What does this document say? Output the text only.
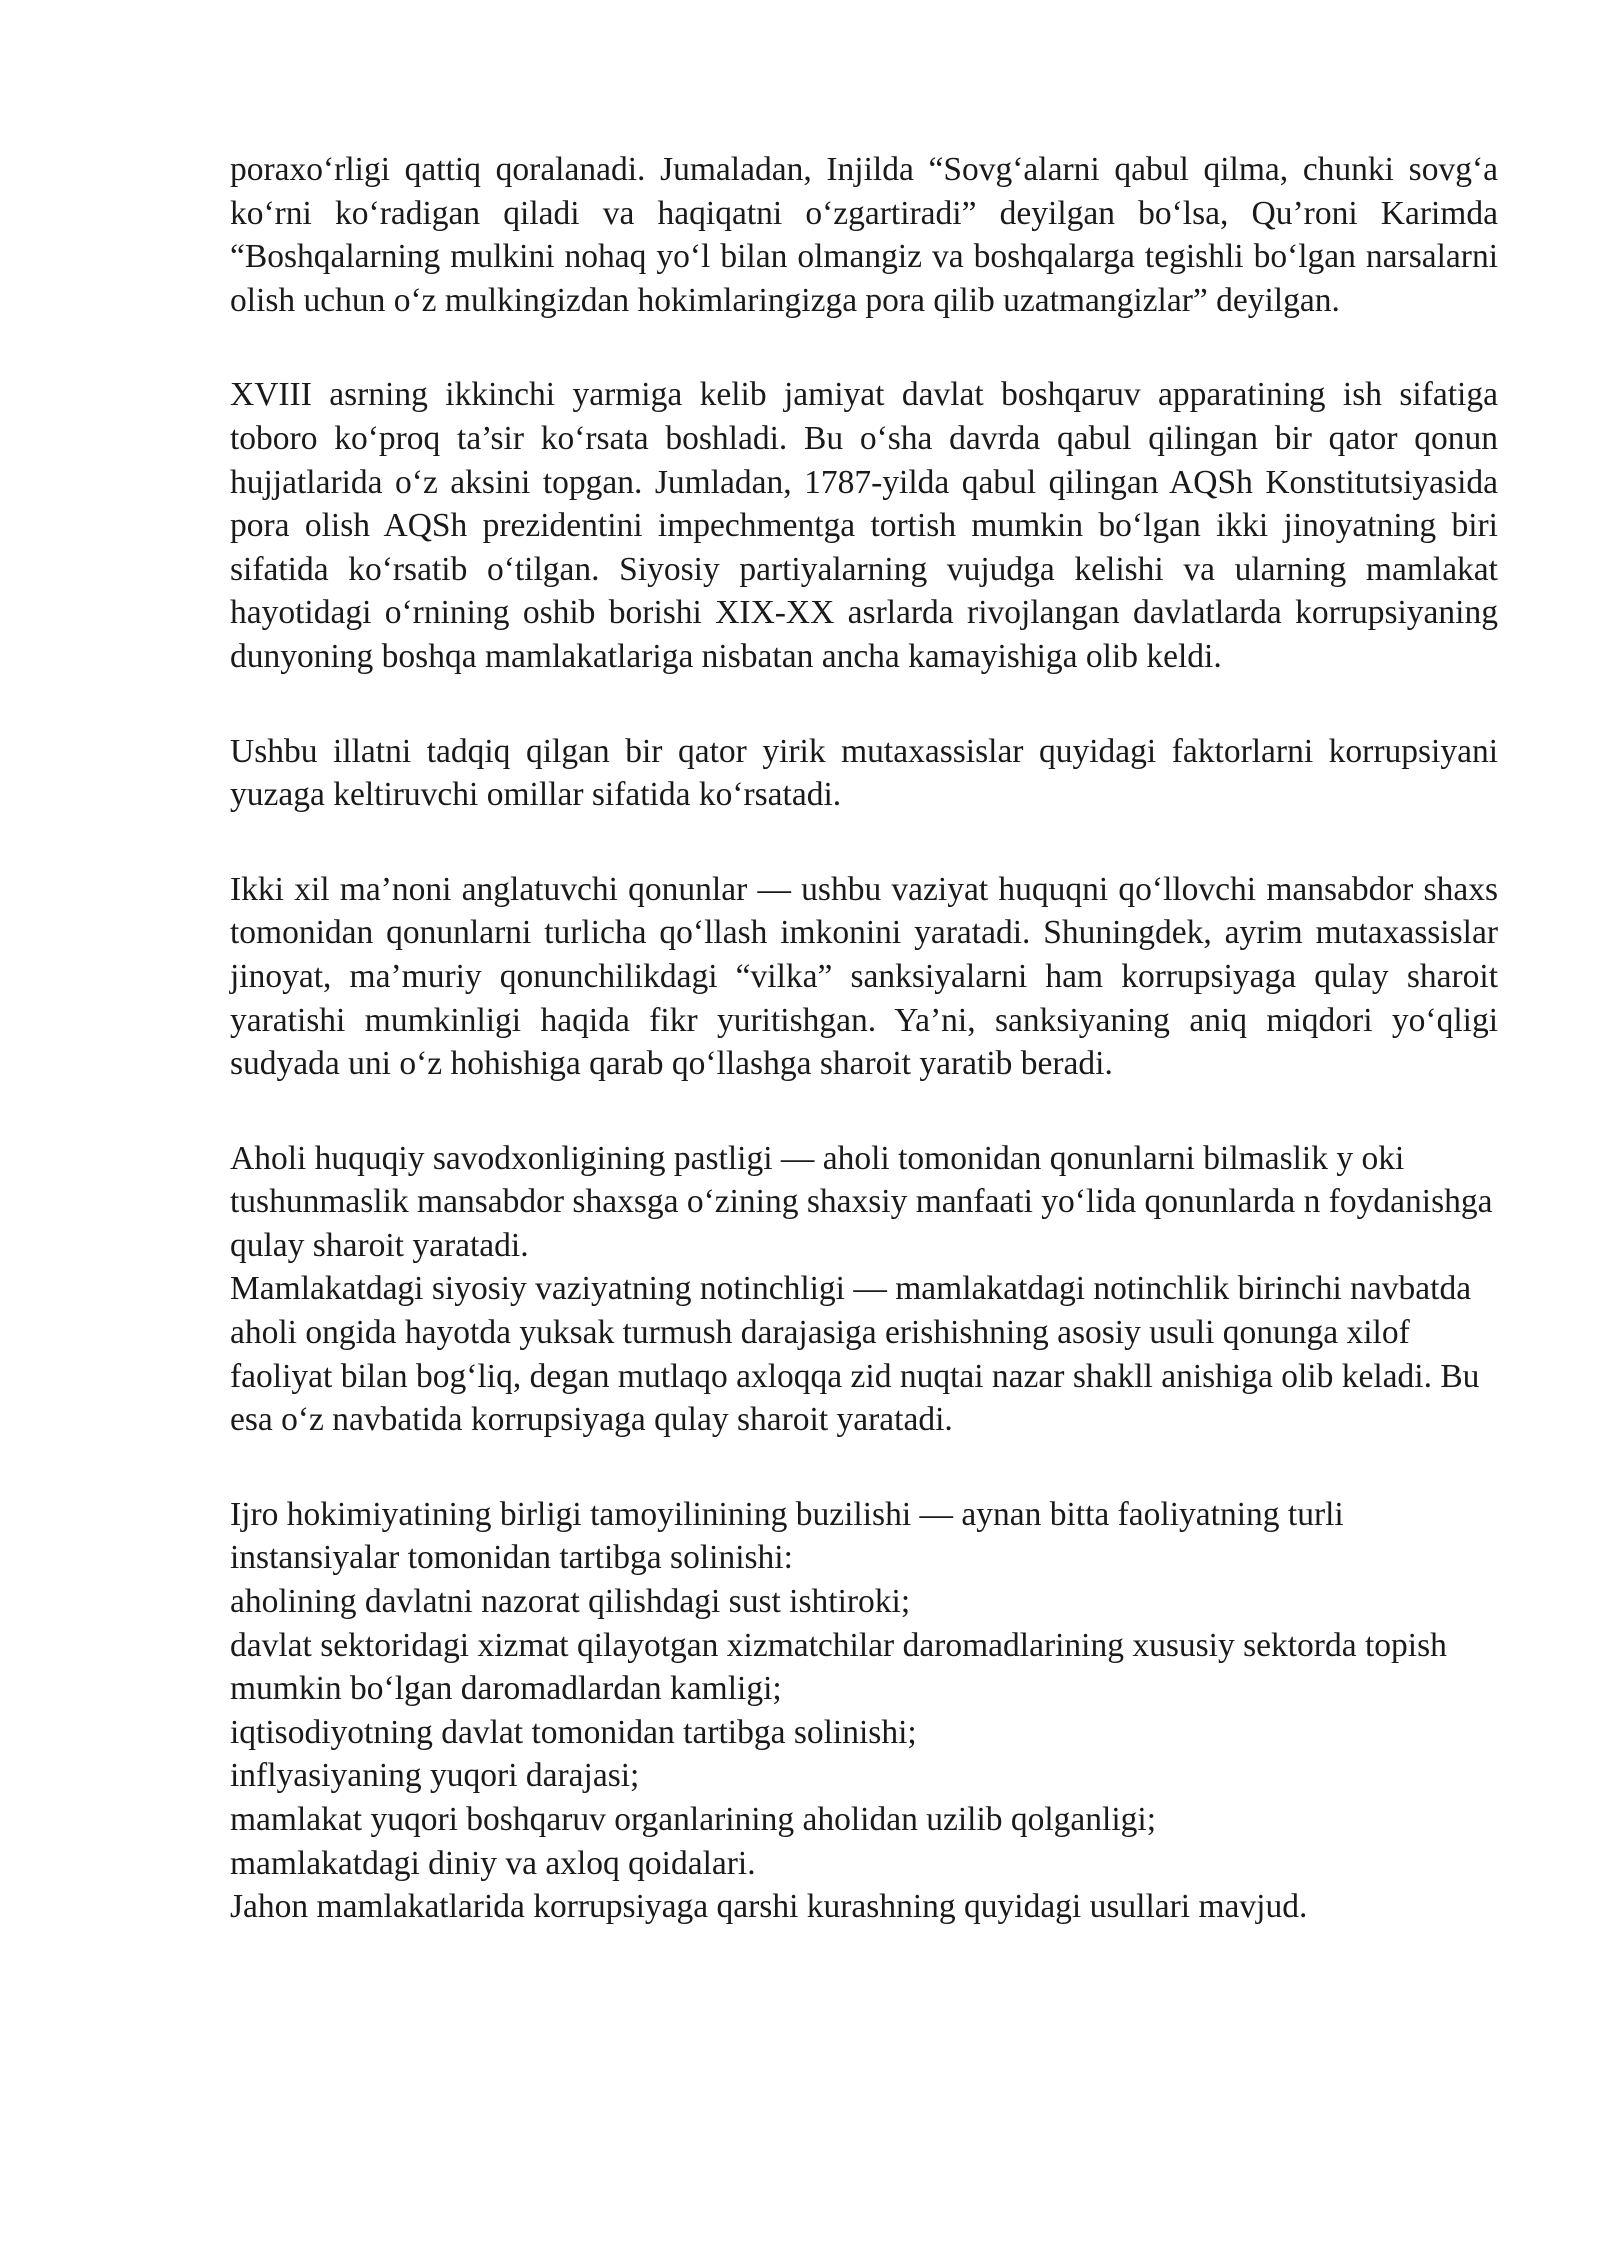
poraxo‘rligi qattiq qoralanadi. Jumaladan, Injilda “Sovg‘alarni qabul qilma, chunki sovg‘a ko‘rni ko‘radigan qiladi va haqiqatni o‘zgartiradi” deyilgan bo‘lsa, Qu’roni Karimda “Boshqalarning mulkini nohaq yo‘l bilan olmangiz va boshqalarga tegishli bo‘lgan narsalarni olish uchun o‘z mulkingizdan hokimlaringizga pora qilib uzatmangizlar” deyilgan.

XVIII asrning ikkinchi yarmiga kelib jamiyat davlat boshqaruv apparatining ish sifatiga toboro ko‘proq ta’sir ko‘rsata boshladi. Bu o‘sha davrda qabul qilingan bir qator qonun hujjatlarida o‘z aksini topgan. Jumladan, 1787-yilda qabul qilingan AQSh Konstitutsiyasida pora olish AQSh prezidentini impechmentga tortish mumkin bo‘lgan ikki jinoyatning biri sifatida ko‘rsatib o‘tilgan. Siyosiy partiyalarning vujudga kelishi va ularning mamlakat hayotidagi o‘rnining oshib borishi XIX-XX asrlarda rivojlangan davlatlarda korrupsiyaning dunyoning boshqa mamlakatlariga nisbatan ancha kamayishiga olib keldi.

Ushbu illatni tadqiq qilgan bir qator yirik mutaxassislar quyidagi faktorlarni korrupsiyani yuzaga keltiruvchi omillar sifatida ko‘rsatadi.

Ikki xil ma’noni anglatuvchi qonunlar — ushbu vaziyat huquqni qo‘llovchi mansabdor shaxs tomonidan qonunlarni turlicha qo‘llash imkonini yaratadi. Shuningdek, ayrim mutaxassislar jinoyat, ma’muriy qonunchilikdagi “vilka” sanksiyalarni ham korrupsiyaga qulay sharoit yaratishi mumkinligi haqida fikr yuritishgan. Ya’ni, sanksiyaning aniq miqdori yo‘qligi sudyada uni o‘z hohishiga qarab qo‘llashga sharoit yaratib beradi.

Aholi huquqiy savodxonligining pastligi — aholi tomonidan qonunlarni bilmaslik y oki tushunmaslik mansabdor shaxsga o‘zining shaxsiy manfaati yo‘lida qonunlarda n foydanishga qulay sharoit yaratadi.

Mamlakatdagi siyosiy vaziyatning notinchligi — mamlakatdagi notinchlik birinchi navbatda aholi ongida hayotda yuksak turmush darajasiga erishishning asosiy usuli qonunga xilof faoliyat bilan bog‘liq, degan mutlaqo axloqqa zid nuqtai nazar shakll anishiga olib keladi. Bu esa o‘z navbatida korrupsiyaga qulay sharoit yaratadi.

Ijro hokimiyatining birligi tamoyilinining buzilishi — aynan bitta faoliyatning turli instansiyalar tomonidan tartibga solinishi:

aholining davlatni nazorat qilishdagi sust ishtiroki;

davlat sektoridagi xizmat qilayotgan xizmatchilar daromadlarining xususiy sektorda topish mumkin bo‘lgan daromadlardan kamligi;

iqtisodiyotning davlat tomonidan tartibga solinishi;

inflyasiyaning yuqori darajasi;

mamlakat yuqori boshqaruv organlarining aholidan uzilib qolganligi;

mamlakatdagi diniy va axloq qoidalari.

Jahon mamlakatlarida korrupsiyaga qarshi kurashning quyidagi usullari mavjud.
